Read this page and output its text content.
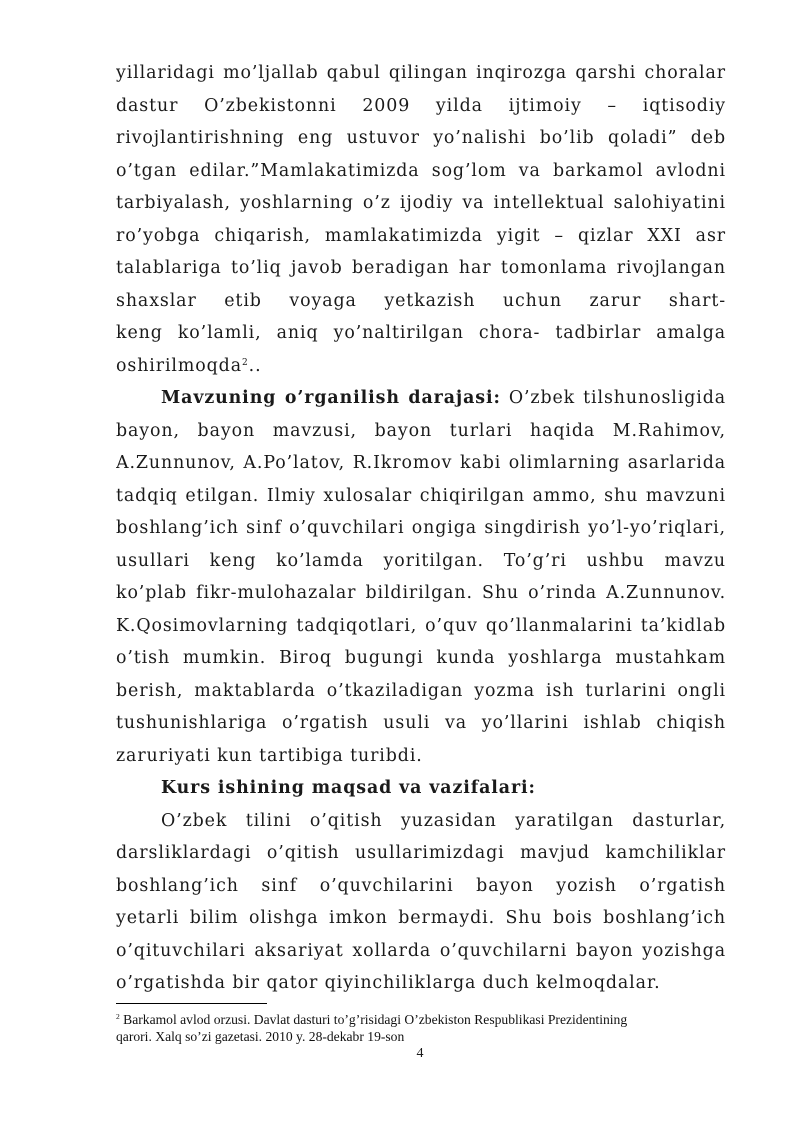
yillaridagi mo’ljallab qabul qilingan inqirozga qarshi choralar
dastur O’zbekistonni 2009 yilda ijtimoiy – iqtisodiy
rivojlantirishning eng ustuvor yo’nalishi bo’lib qoladi” deb
o’tgan edilar.”Mamlakatimizda sog’lom va barkamol avlodni
tarbiyalash, yoshlarning o’z ijodiy va intellektual salohiyatini
ro’yobga chiqarish, mamlakatimizda yigit – qizlar XXI asr
talablariga to’liq javob beradigan har tomonlama rivojlangan
shaxslar etib voyaga yetkazish uchun zarur shart-
keng ko’lamli, aniq yo’naltirilgan chora- tadbirlar amalga
oshirilmoqda$^2$..
Mavzuning o’rganilish darajasi: O’zbek tilshunosligida
bayon, bayon mavzusi, bayon turlari haqida M.Rahimov,
A.Zunnunov, A.Po’latov, R.Ikromov kabi olimlarning asarlarida
tadqiq etilgan. Ilmiy xulosalar chiqirilgan ammo, shu mavzuni
boshlang’ich sinf o’quvchilari ongiga singdirish yo’l-yo’riqlari,
usullari keng ko’lamda yoritilgan. To’g’ri ushbu mavzu
ko’plab fikr-mulohazalar bildirilgan. Shu o’rinda A.Zunnunov.
K.Qosimovlarning tadqiqotlari, o’quv qo’llanmalarini ta’kidlab
o’tish mumkin. Biroq bugungi kunda yoshlarga mustahkam
berish, maktablarda o’tkaziladigan yozma ish turlarini ongli
tushunishlariga o’rgatish usuli va yo’llarini ishlab chiqish
zaruriyati kun tartibiga turibdi.
Kurs ishining maqsad va vazifalari:
O’zbek tilini o’qitish yuzasidan yaratilgan dasturlar,
darsliklardagi o’qitish usullarimizdagi mavjud kamchiliklar
boshlang’ich sinf o’quvchilarini bayon yozish o’rgatish
yetarli bilim olishga imkon bermaydi. Shu bois boshlang’ich
o’qituvchilari aksariyat xollarda o’quvchilarni bayon yozishga
o’rgatishda bir qator qiyinchiliklarga duch kelmoqdalar.
$^2$ Barkamol avlod orzusi. Davlat dasturi to’g’risidagi O’zbekiston Respublikasi Prezidentining
qarori. Xalq so’zi gazetasi. 2010 y. 28-dekabr 19-son
4
